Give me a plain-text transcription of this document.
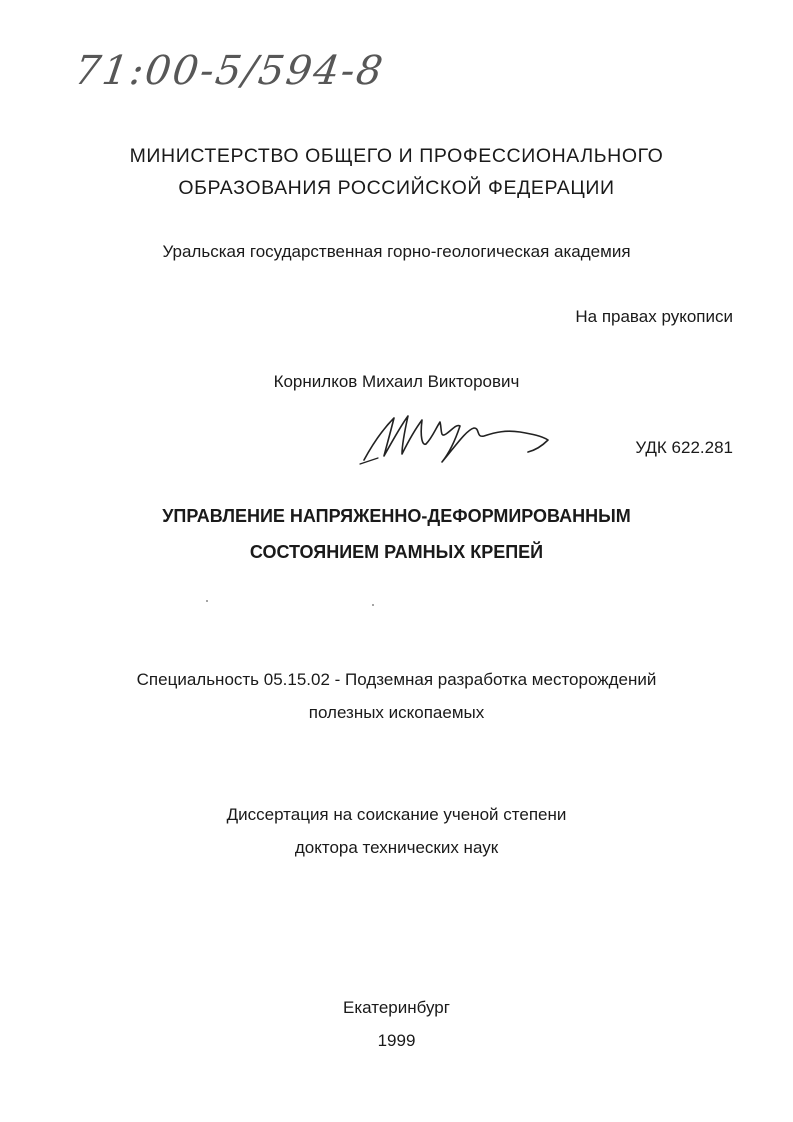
71:00-5/594-8
МИНИСТЕРСТВО ОБЩЕГО И ПРОФЕССИОНАЛЬНОГО
ОБРАЗОВАНИЯ РОССИЙСКОЙ ФЕДЕРАЦИИ
Уральская государственная горно-геологическая академия
На правах рукописи
Корнилков Михаил Викторович
УДК 622.281
УПРАВЛЕНИЕ НАПРЯЖЕННО-ДЕФОРМИРОВАННЫМ
СОСТОЯНИЕМ РАМНЫХ КРЕПЕЙ
Специальность 05.15.02 - Подземная разработка месторождений
полезных ископаемых
Диссертация на соискание ученой степени
доктора технических наук
Екатеринбург
1999
